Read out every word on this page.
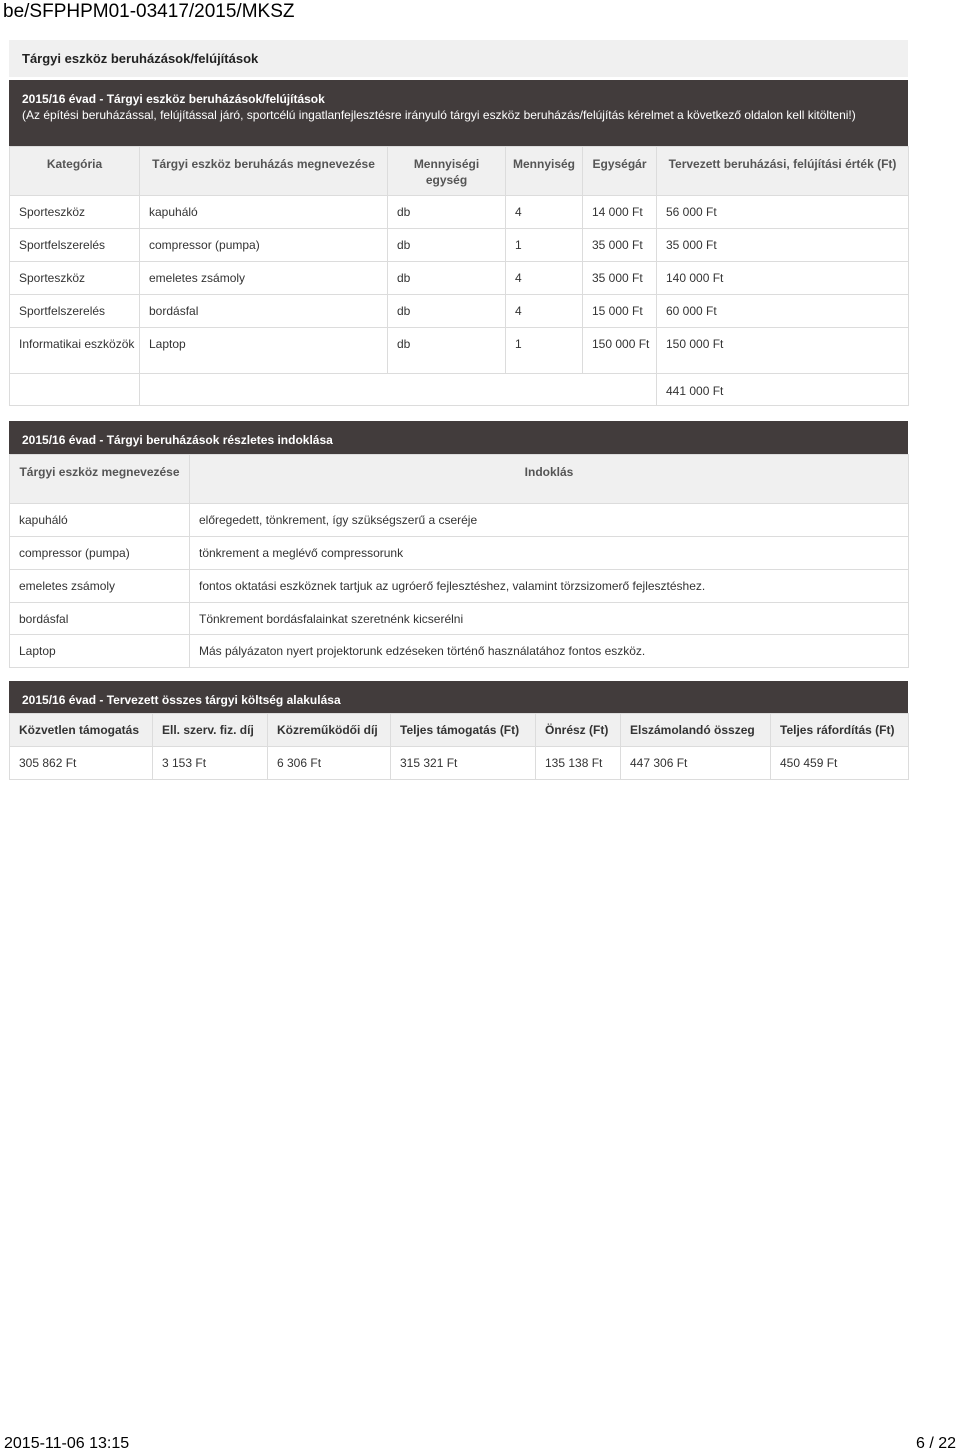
be/SFPHPM01-03417/2015/MKSZ
Tárgyi eszköz beruházások/felújítások
2015/16 évad - Tárgyi eszköz beruházások/felújítások
(Az építési beruházással, felújítással járó, sportcélú ingatlanfejlesztésre irányuló tárgyi eszköz beruházás/felújítás kérelmet a következő oldalon kell kitölteni!)
Kategória	Tárgyi eszköz beruházás megnevezése	Mennyiségi egység	Mennyiség	Egységár	Tervezett beruházási, felújítási érték (Ft)
Sporteszköz	kapuháló	db	4	14 000 Ft	56 000 Ft
Sportfelszerelés	compressor (pumpa)	db	1	35 000 Ft	35 000 Ft
Sporteszköz	emeletes zsámoly	db	4	35 000 Ft	140 000 Ft
Sportfelszerelés	bordásfal	db	4	15 000 Ft	60 000 Ft
Informatikai eszközök	Laptop	db	1	150 000 Ft	150 000 Ft
					441 000 Ft
2015/16 évad - Tárgyi beruházások részletes indoklása
Tárgyi eszköz megnevezése	Indoklás
kapuháló	előregedett, tönkrement, így szükségszerű a cseréje
compressor (pumpa)	tönkrement a meglévő compressorunk
emeletes zsámoly	fontos oktatási eszköznek tartjuk az ugróerő fejlesztéshez, valamint törzsizomerő fejlesztéshez.
bordásfal	Tönkrement bordásfalainkat szeretnénk kicserélni
Laptop	Más pályázaton nyert projektorunk edzéseken történő használatához fontos eszköz.
2015/16 évad - Tervezett összes tárgyi költség alakulása
Közvetlen támogatás	Ell. szerv. fiz. díj	Közreműködői díj	Teljes támogatás (Ft)	Önrész (Ft)	Elszámolandó összeg	Teljes ráfordítás (Ft)
305 862 Ft	3 153 Ft	6 306 Ft	315 321 Ft	135 138 Ft	447 306 Ft	450 459 Ft
2015-11-06 13:15	6 / 22
